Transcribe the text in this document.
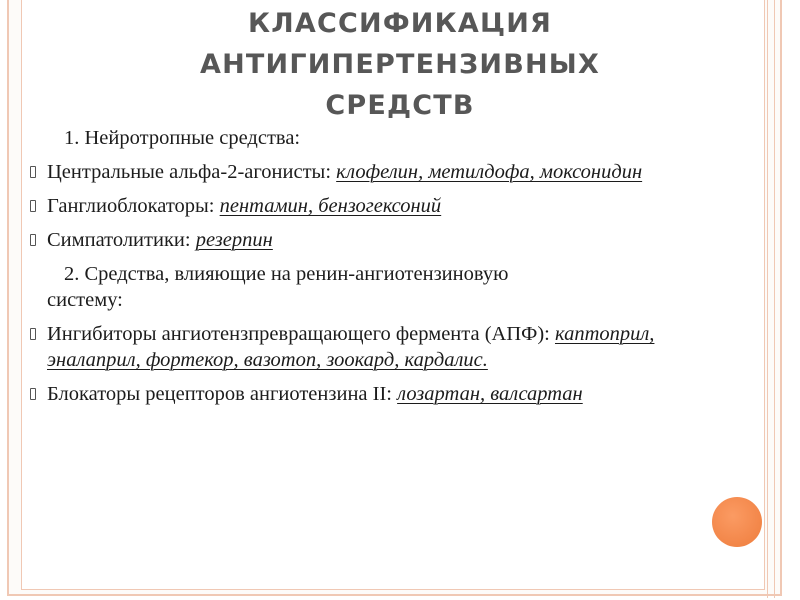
КЛАССИФИКАЦИЯ
АНТИГИПЕРТЕНЗИВНЫХ
СРЕДСТВ
1. Нейротропные средства:
Центральные альфа-2-агонисты: клофелин, метилдофа, моксонидин
Ганглиоблокаторы: пентамин, бензогексоний
Симпатолитики: резерпин
2. Средства, влияющие на ренин-ангиотензиновую
систему:
Ингибиторы ангиотензпревращающего фермента (АПФ): каптоприл, эналаприл, фортекор, вазотоп, зоокард, кардалис.
Блокаторы рецепторов ангиотензина II: лозартан, валсартан
